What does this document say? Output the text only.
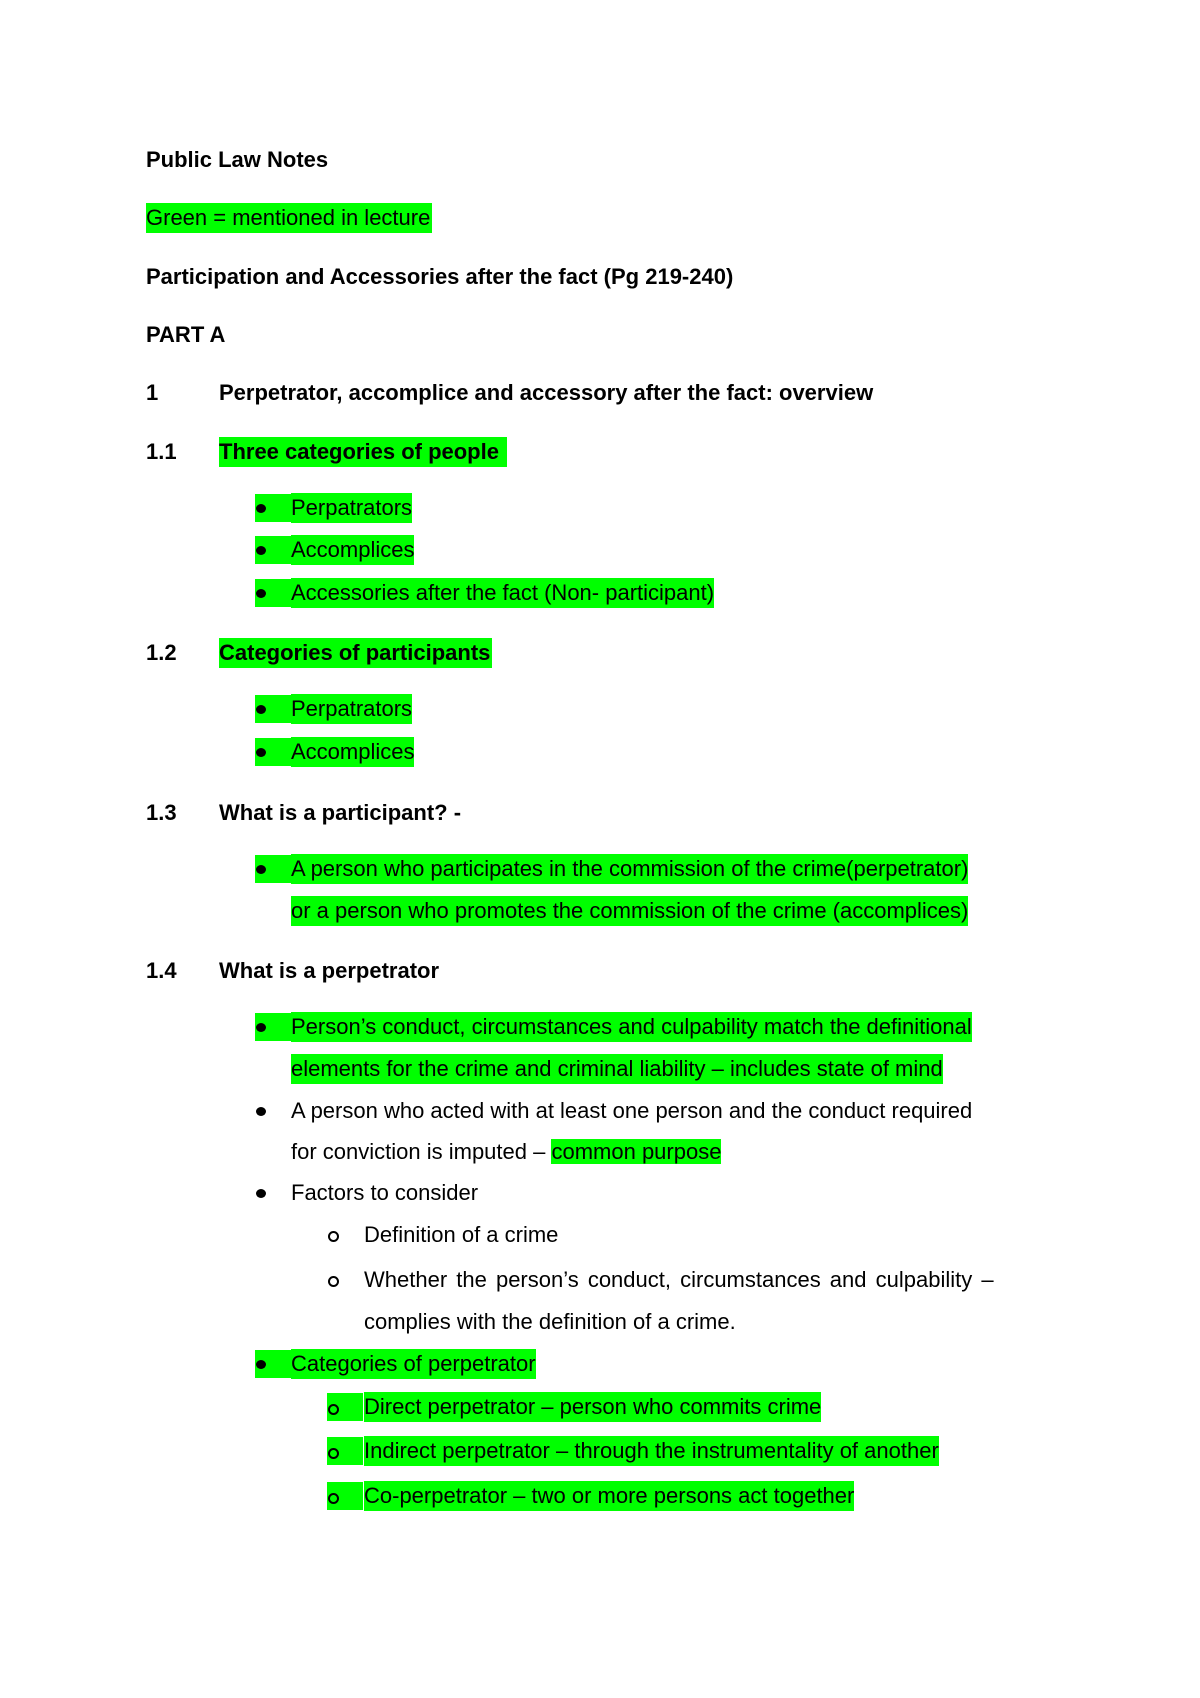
Public Law Notes
Green = mentioned in lecture
Participation and Accessories after the fact (Pg 219-240)
PART A
1	Perpetrator, accomplice and accessory after the fact: overview
1.1 Three categories of people
Perpatrators
Accomplices
Accessories after the fact (Non- participant)
1.2 Categories of participants
Perpatrators
Accomplices
1.3 What is a participant? -
A person who participates in the commission of the crime(perpetrator)
or a person who promotes the commission of the crime (accomplices)
1.4 What is a perpetrator
Person’s conduct, circumstances and culpability match the definitional
elements for the crime and criminal liability – includes state of mind
A person who acted with at least one person and the conduct required
for conviction is imputed – common purpose
Factors to consider
Definition of a crime
Whether the person’s conduct, circumstances and culpability –
complies with the definition of a crime.
Categories of perpetrator
Direct perpetrator – person who commits crime
Indirect perpetrator – through the instrumentality of another
Co-perpetrator – two or more persons act together
